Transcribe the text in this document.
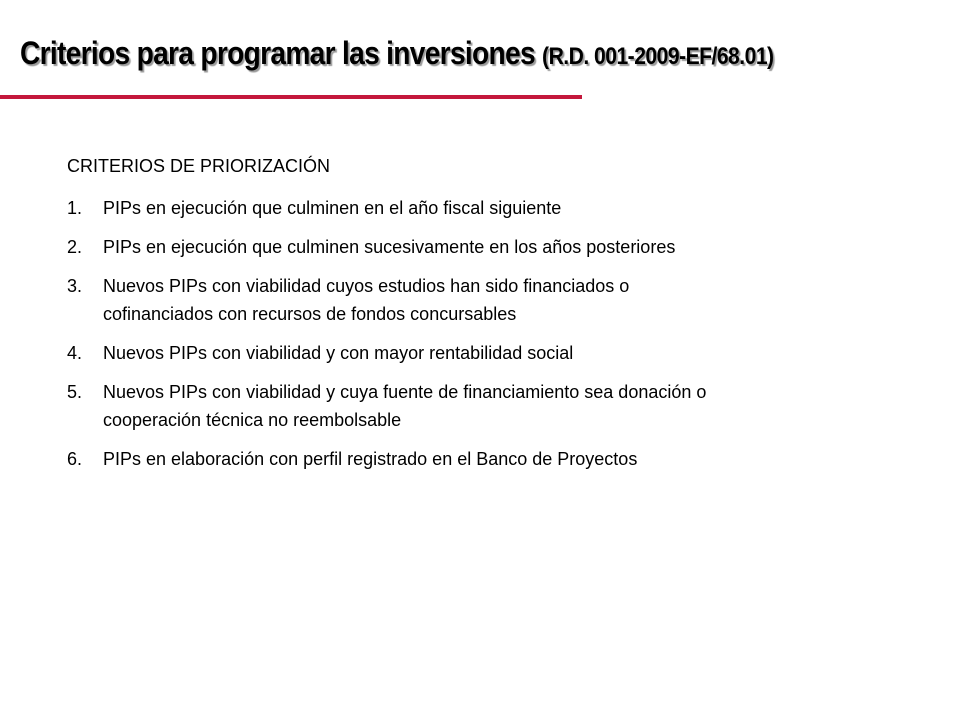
Criterios para programar las inversiones (R.D. 001-2009-EF/68.01)
CRITERIOS DE PRIORIZACIÓN
1.	PIPs en ejecución que culminen en el año fiscal siguiente
2.	PIPs en ejecución que culminen sucesivamente en los años posteriores
3.	Nuevos PIPs con viabilidad cuyos estudios han sido financiados o cofinanciados con recursos de fondos concursables
4.	Nuevos PIPs con viabilidad y con mayor rentabilidad social
5.	Nuevos PIPs con viabilidad y cuya fuente de financiamiento sea donación o cooperación técnica no reembolsable
6.	PIPs en elaboración con perfil registrado en el Banco de Proyectos
